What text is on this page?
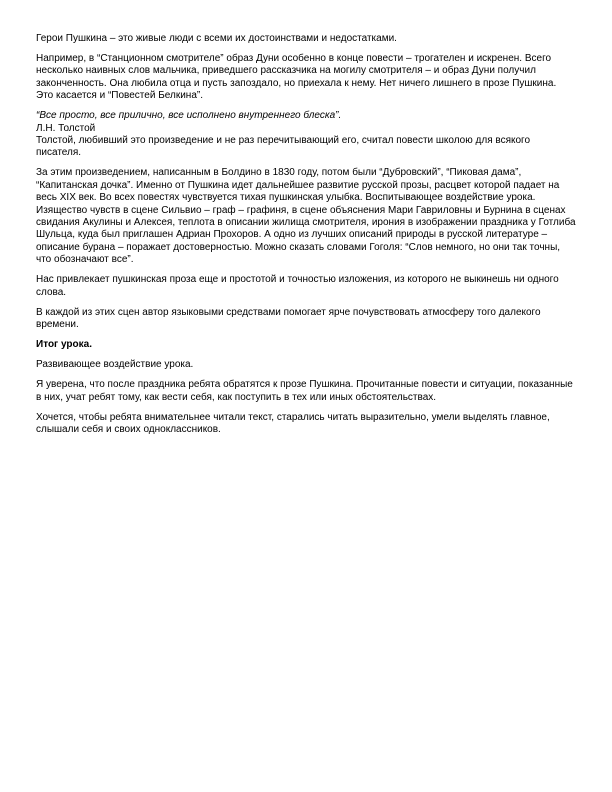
Герои Пушкина – это живые люди с всеми их достоинствами и недостатками.

Например, в “Станционном смотрителе” образ Дуни особенно в конце повести – трогателен и искренен. Всего несколько наивных слов мальчика, приведшего рассказчика на могилу смотрителя – и образ Дуни получил законченность. Она любила отца и пусть запоздало, но приехала к нему. Нет ничего лишнего в прозе Пушкина. Это касается и “Повестей Белкина”.

“Все просто, все прилично, все исполнено внутреннего блеска”.

Л.Н. Толстой

Толстой, любивший это произведение и не раз перечитывающий его, считал повести школою для всякого писателя.

За этим произведением, написанным в Болдино в 1830 году, потом были “Дубровский”, “Пиковая дама”, “Капитанская дочка”. Именно от Пушкина идет дальнейшее развитие русской прозы, расцвет которой падает на весь XIX век. Во всех повестях чувствуется тихая пушкинская улыбка. Воспитывающее воздействие урока. Изящество чувств в сцене Сильвио – граф – графиня, в сцене объяснения Мари Гавриловны и Бурнина в сценах свидания Акулины и Алексея, теплота в описании жилища смотрителя, ирония в изображении праздника у Готлиба Шульца, куда был приглашен Адриан Прохоров. А одно из лучших описаний природы в русской литературе – описание бурана – поражает достоверностью. Можно сказать словами Гоголя: “Слов немного, но они так точны, что обозначают все”.

Нас привлекает пушкинская проза еще и простотой и точностью изложения, из которого не выкинешь ни одного слова.

В каждой из этих сцен автор языковыми средствами помогает ярче почувствовать атмосферу того далекого времени.

Итог урока.

Развивающее воздействие урока.

Я уверена, что после праздника ребята обратятся к прозе Пушкина. Прочитанные повести и ситуации, показанные в них, учат ребят тому, как вести себя, как поступить в тех или иных обстоятельствах.

Хочется, чтобы ребята внимательнее читали текст, старались читать выразительно, умели выделять главное, слышали себя и своих одноклассников.
